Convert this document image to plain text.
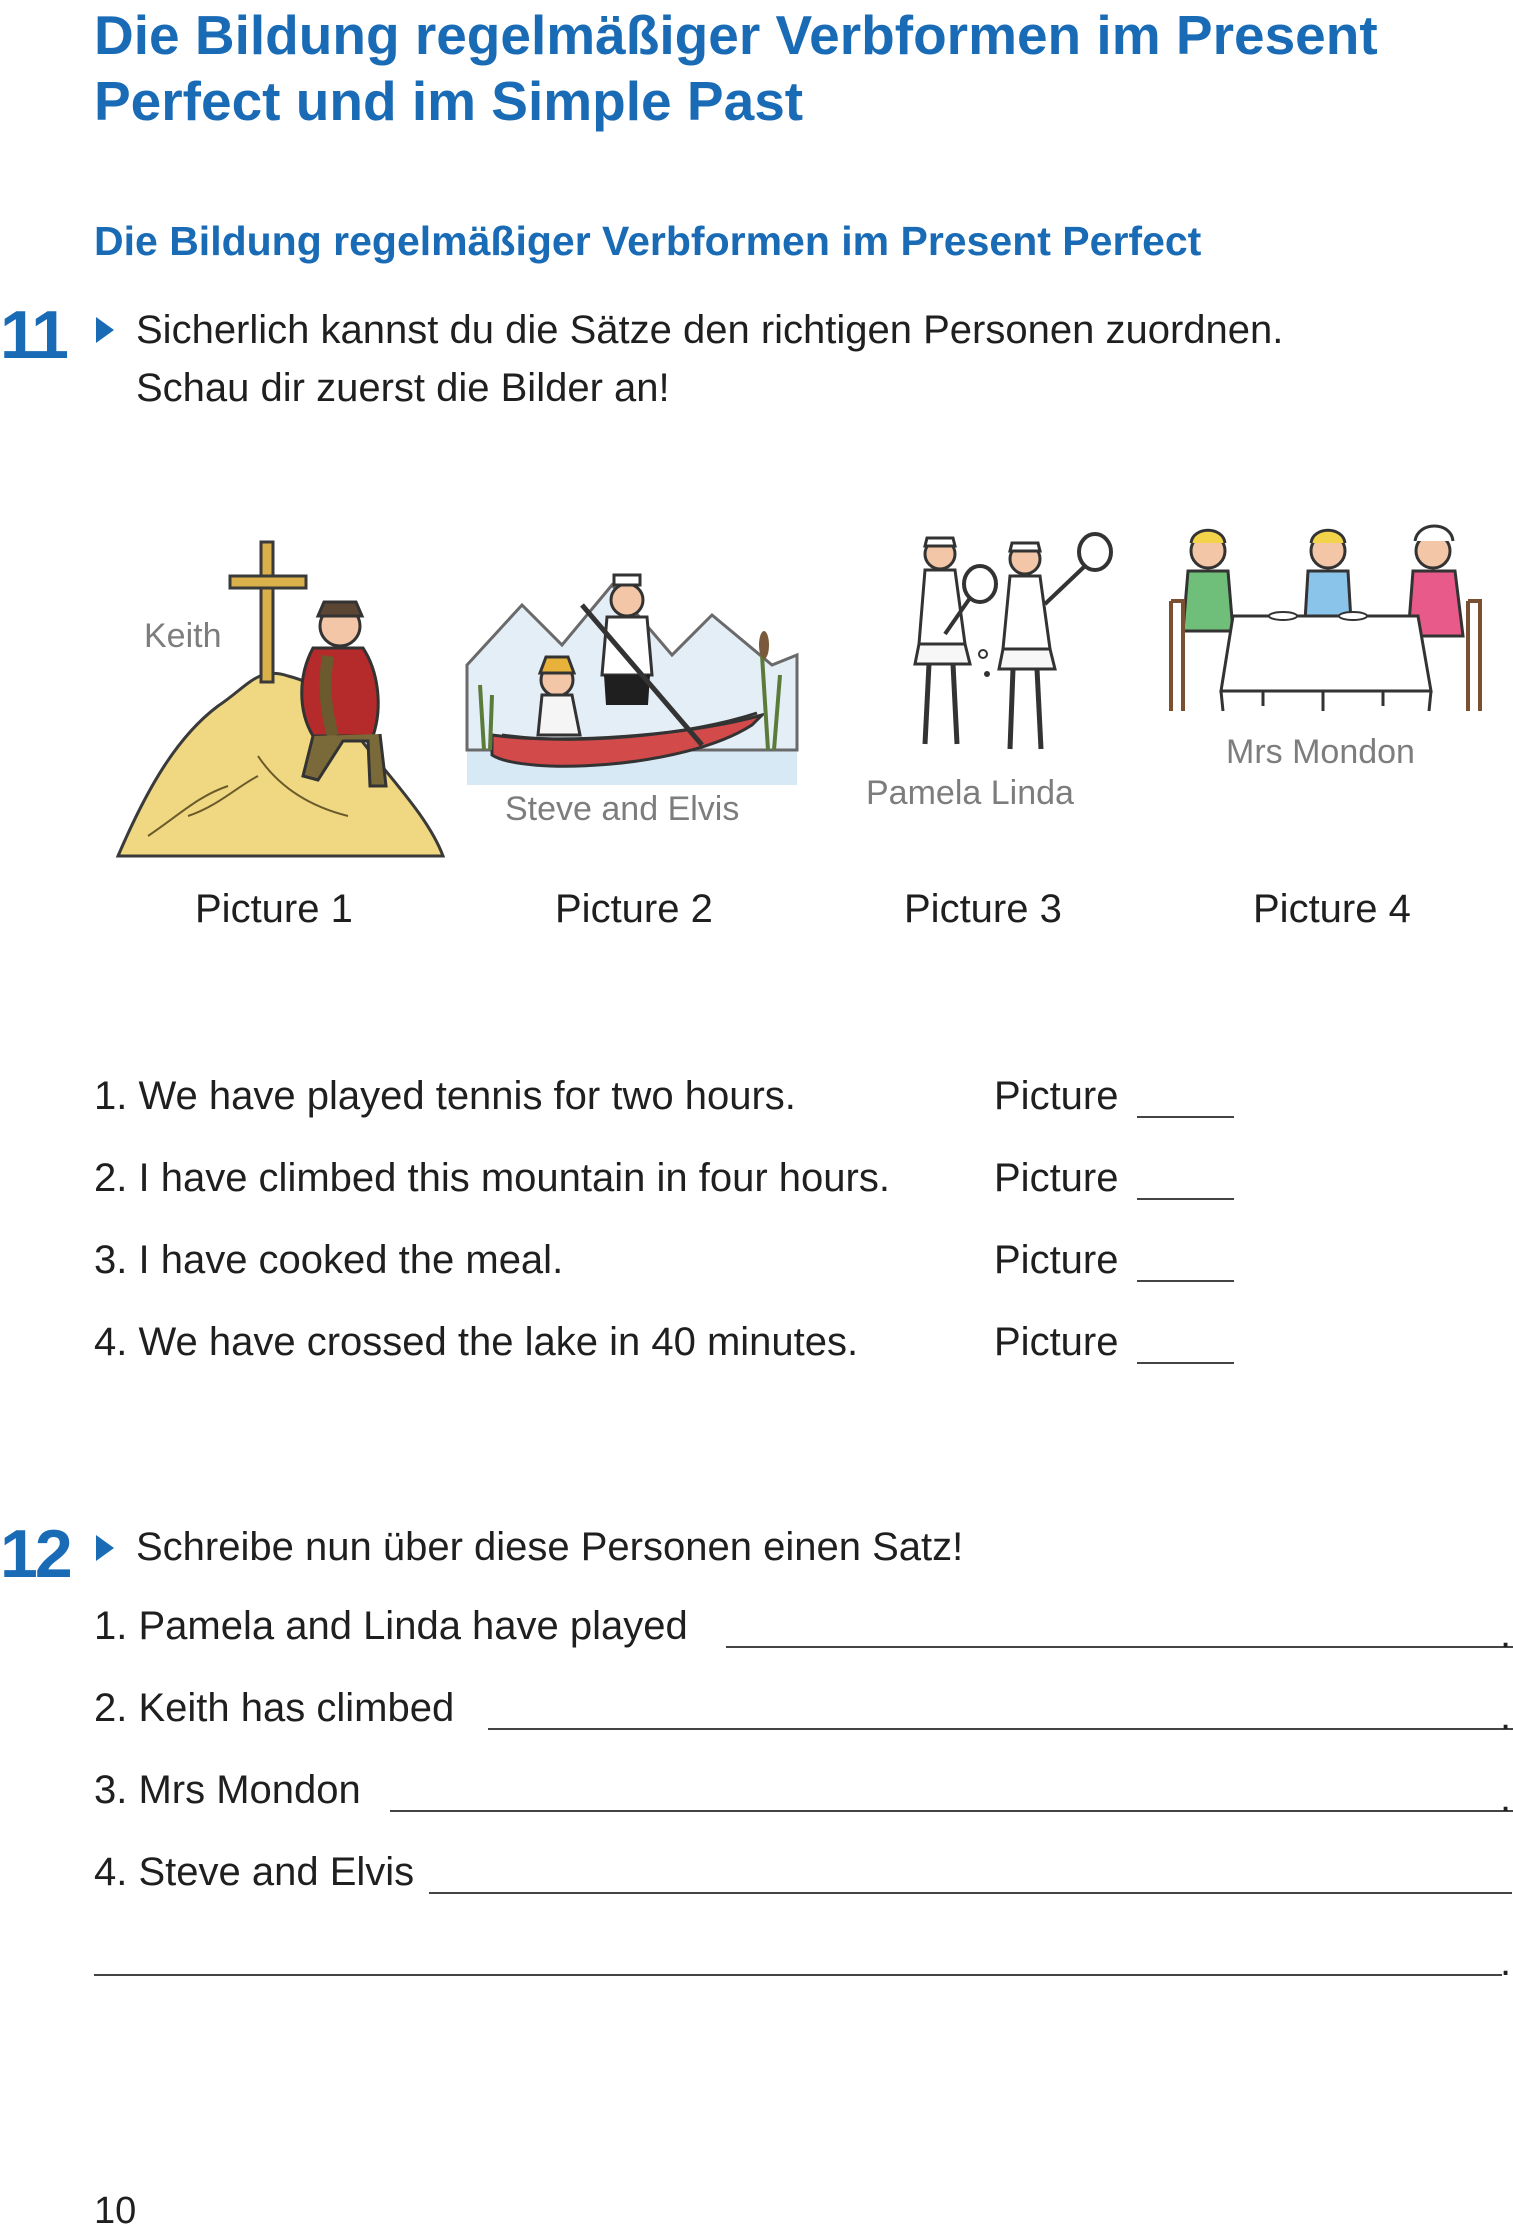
Die Bildung regelmäßiger Verbformen im Present Perfect und im Simple Past
Die Bildung regelmäßiger Verbformen im Present Perfect
11 Sicherlich kannst du die Sätze den richtigen Personen zuordnen.
Schau dir zuerst die Bilder an!
Keith
Steve and Elvis	Pamela Linda
Mrs Mondon
Picture 1	Picture 2	Picture 3	Picture 4
1. We have played tennis for two hours.	Picture
2. I have climbed this mountain in four hours.	Picture
3. I have cooked the meal.	Picture
4. We have crossed the lake in 40 minutes.	Picture
12 Schreibe nun über diese Personen einen Satz!
1. Pamela and Linda have played	.
2. Keith has climbed	.
3. Mrs Mondon	.
4. Steve and Elvis
.
10
